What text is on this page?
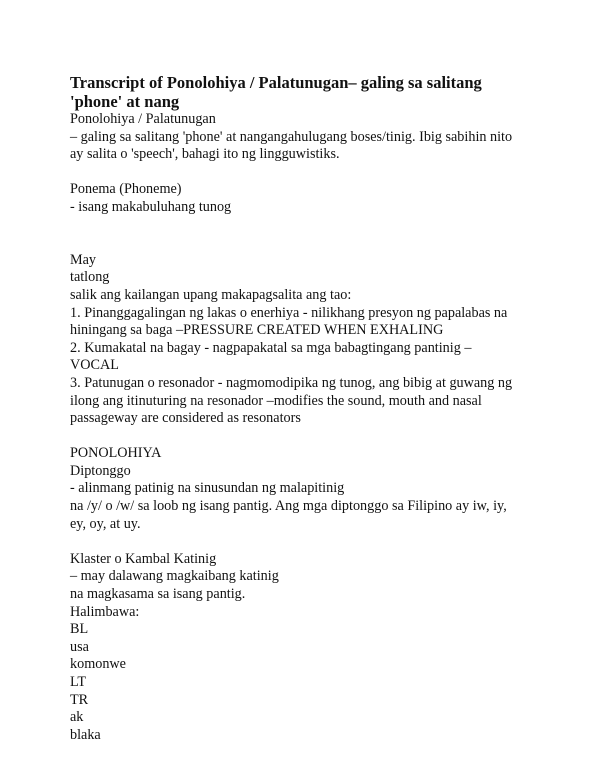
Transcript of Ponolohiya / Palatunugan– galing sa salitang
'phone' at nang
Ponolohiya / Palatunugan
– galing sa salitang 'phone' at nangangahulugang boses/tinig. Ibig sabihin nito
ay salita o 'speech', bahagi ito ng lingguwistiks.
Ponema (Phoneme)
- isang makabuluhang tunog
May
tatlong
salik ang kailangan upang makapagsalita ang tao:
1. Pinanggagalingan ng lakas o enerhiya - nilikhang presyon ng papalabas na
hiningang sa baga –PRESSURE CREATED WHEN EXHALING
2. Kumakatal na bagay - nagpapakatal sa mga babagtingang pantinig –
VOCAL
3. Patunugan o resonador - nagmomodipika ng tunog, ang bibig at guwang ng
ilong ang itinuturing na resonador –modifies the sound, mouth and nasal
passageway are considered as resonators
PONOLOHIYA
Diptonggo
- alinmang patinig na sinusundan ng malapitinig
na /y/ o /w/ sa loob ng isang pantig. Ang mga diptonggo sa Filipino ay iw, iy,
ey, oy, at uy.
Klaster o Kambal Katinig
– may dalawang magkaibang katinig
na magkasama sa isang pantig.
Halimbawa:
BL
usa
komonwe
LT
TR
ak
blaka
